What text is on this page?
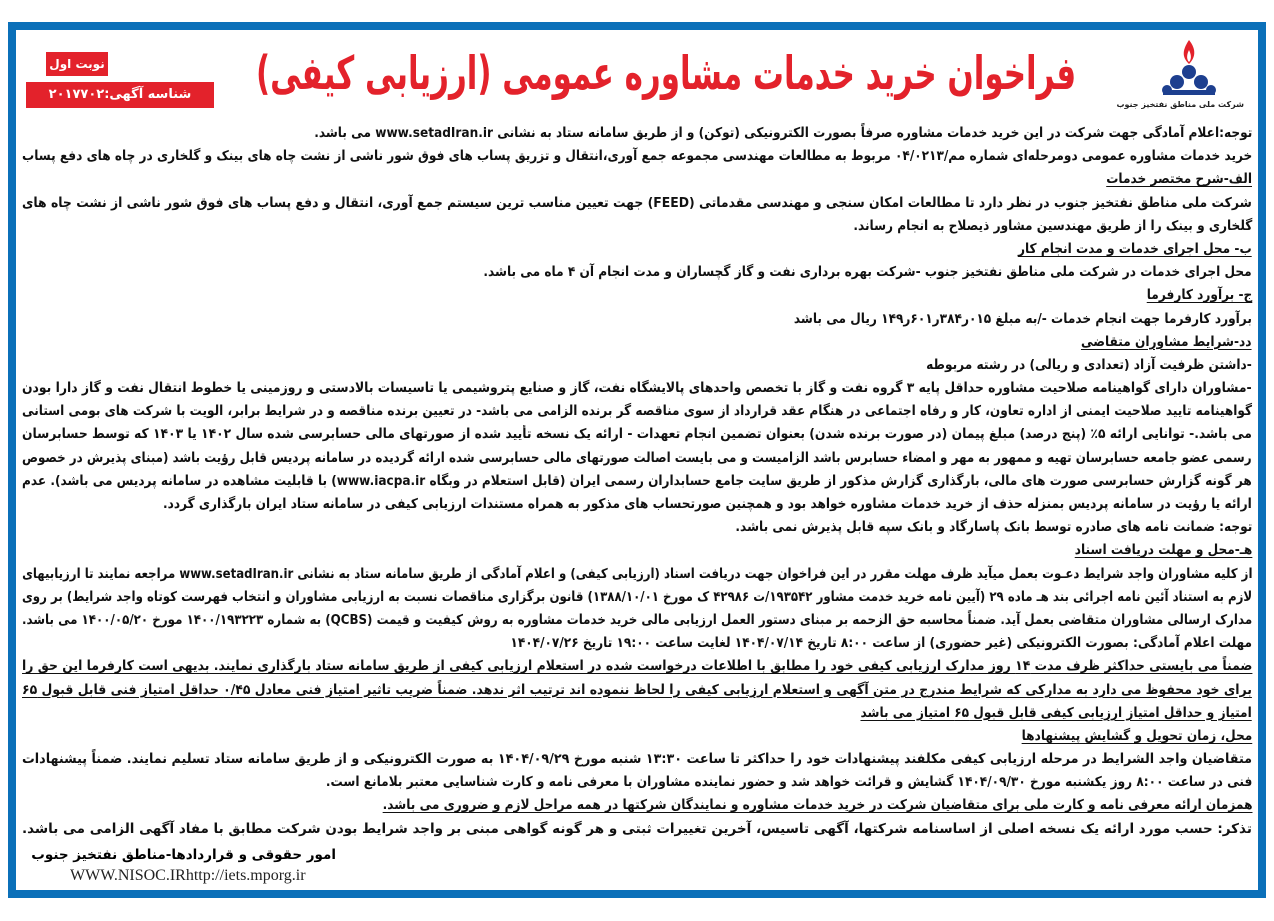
شرکت ملی مناطق نفتخیز جنوب
فراخوان خرید خدمات مشاوره عمومی (ارزیابی کیفی)
نوبت اول
شناسه آگهی:۲۰۱۷۷۰۲
توجه:اعلام آمادگی جهت شرکت در این خرید خدمات مشاوره صرفاً بصورت الکترونیکی (توکن) و از طریق سامانه ستاد به نشانی www.setadIran.ir می باشد.
خرید خدمات مشاوره عمومی دومرحله‌ای شماره مم/۰۴/۰۲۱۳ مربوط به مطالعات مهندسی مجموعه جمع آوری،انتقال و تزریق پساب های فوق شور ناشی از نشت چاه های بینک و گلخاری در چاه های دفع پساب
الف-شرح مختصر خدمات
شرکت ملی مناطق نفتخیز جنوب در نظر دارد تا مطالعات امکان سنجی و مهندسی مقدماتی (FEED) جهت تعیین مناسب ترین سیستم جمع آوری، انتقال و دفع پساب های فوق شور ناشی از نشت چاه های
گلخاری و بینک را از طریق مهندسین مشاور ذیصلاح به انجام رساند.
ب- محل اجرای خدمات و مدت انجام کار
محل اجرای خدمات در شرکت ملی مناطق نفتخیز جنوب -شرکت بهره برداری نفت و گاز گچساران و مدت انجام آن ۴ ماه می باشد.
ج- برآورد کارفرما
برآورد کارفرما جهت انجام خدمات -/به مبلغ ۰۱۵ر۳۸۴ر۶۰۱ر۱۴۹ ریال می باشد
دد-شرایط مشاوران متقاضی
-داشتن ظرفیت آزاد (تعدادی و ریالی) در رشته مربوطه
-مشاوران دارای گواهینامه صلاحیت مشاوره حداقل پایه ۳ گروه نفت و گاز با تخصص واحدهای پالایشگاه نفت، گاز و صنایع پتروشیمی یا تاسیسات بالادستی و روزمینی یا خطوط انتقال نفت و گاز دارا بودن
گواهینامه تایید صلاحیت ایمنی از اداره تعاون، کار و رفاه اجتماعی در هنگام عقد قرارداد از سوی مناقصه گر برنده الزامی می باشد- در تعیین برنده مناقصه و در شرایط برابر، الویت با شرکت های بومی استانی
می باشد.- توانایی ارائه ۵٪ (پنج درصد) مبلغ پیمان (در صورت برنده شدن) بعنوان تضمین انجام تعهدات - ارائه یک نسخه تأیید شده از صورتهای مالی حسابرسی شده سال ۱۴۰۲ یا ۱۴۰۳ که توسط حسابرسان
رسمی عضو جامعه حسابرسان تهیه و ممهور به مهر و امضاء حسابرس باشد الزامیست و می بایست اصالت صورتهای مالی حسابرسی شده ارائه گردیده در سامانه پردیس قابل رؤیت باشد (مبنای پذیرش در خصوص
هر گونه گزارش حسابرسی صورت های مالی، بارگذاری گزارش مذکور از طریق سایت جامع حسابداران رسمی ایران (قابل استعلام در وبگاه www.iacpa.ir) با قابلیت مشاهده در سامانه پردیس می باشد). عدم
ارائه یا رؤیت در سامانه پردیس بمنزله حذف از خرید خدمات مشاوره خواهد بود و همچنین صورتحساب های مذکور به همراه مستندات ارزیابی کیفی در سامانه ستاد ایران بارگذاری گردد.
توجه: ضمانت نامه های صادره توسط بانک پاسارگاد و بانک سپه قابل پذیرش نمی باشد.
هـ-محل و مهلت دریافت اسناد
از کلیه مشاوران واجد شرایط دعـوت بعمل میآید ظرف مهلت مقرر در این فراخوان جهت دریافت اسناد (ارزیابی کیفی) و اعلام آمادگی از طریق سامانه ستاد به نشانی www.setadIran.ir مراجعه نمایند تا ارزیابیهای
لازم به استناد آئین نامه اجرائی بند هـ ماده ۲۹ (آیین نامه خرید خدمت مشاور ۱۹۳۵۴۲/ت ۴۲۹۸۶ ک مورخ ۱۳۸۸/۱۰/۰۱) قانون برگزاری مناقصات نسبت به ارزیابی مشاوران و انتخاب فهرست کوتاه واجد شرایط) بر روی
مدارک ارسالی مشاوران متقاضی بعمل آید. ضمناً محاسبه حق الزحمه بر مبنای دستور العمل ارزیابی مالی خرید خدمات مشاوره به روش کیفیت و قیمت (QCBS) به شماره ۱۴۰۰/۱۹۳۲۲۳ مورخ ۱۴۰۰/۰۵/۲۰ می باشد.
مهلت اعلام آمادگی: بصورت الکترونیکی (غیر حضوری) از ساعت ۸:۰۰ تاریخ ۱۴۰۴/۰۷/۱۴ لغایت ساعت ۱۹:۰۰ تاریخ ۱۴۰۴/۰۷/۲۶
ضمناً می بایستی حداکثر ظرف مدت ۱۴ روز مدارک ارزیابی کیفی خود را مطابق با اطلاعات درخواست شده در استعلام ارزیابی کیفی از طریق سامانه ستاد بارگذاری نمایند. بدیهی است کارفرما این حق را
برای خود محفوظ می دارد به مدارکی که شرایط مندرج در متن آگهی و استعلام ارزیابی کیفی را لحاظ ننموده اند ترتیب اثر ندهد. ضمناً ضریب تاثیر امتیاز فنی معادل ۰/۴۵ حداقل امتیاز فنی قابل قبول ۶۵
امتیاز و حداقل امتیاز ارزیابی کیفی قابل قبول ۶۵ امتیاز می باشد
محل، زمان تحویل و گشایش پیشنهادها
متقاضیان واجد الشرایط در مرحله ارزیابی کیفی مکلفند پیشنهادات خود را حداکثر تا ساعت ۱۳:۳۰ شنبه مورخ ۱۴۰۴/۰۹/۲۹ به صورت الکترونیکی و از طریق سامانه ستاد تسلیم نمایند. ضمناً پیشنهادات
فنی در ساعت ۸:۰۰ روز یکشنبه مورخ ۱۴۰۴/۰۹/۳۰ گشایش و قرائت خواهد شد و حضور نماینده مشاوران با معرفی نامه و کارت شناسایی معتبر بلامانع است.
همزمان ارائه معرفی نامه و کارت ملی برای متقاضیان شرکت در خرید خدمات مشاوره و نمایندگان شرکتها در همه مراحل لازم و ضروری می باشد.
تذکر: حسب مورد ارائه یک نسخه اصلی از اساسنامه شرکتها، آگهی تاسیس، آخرین تغییرات ثبتی و هر گونه گواهی مبنی بر واجد شرایط بودن شرکت مطابق با مفاد آگهی الزامی می باشد.
امور حقوقی و قراردادها-مناطق نفتخیز جنوب
WWW.NISOC.IRhttp://iets.mporg.ir
